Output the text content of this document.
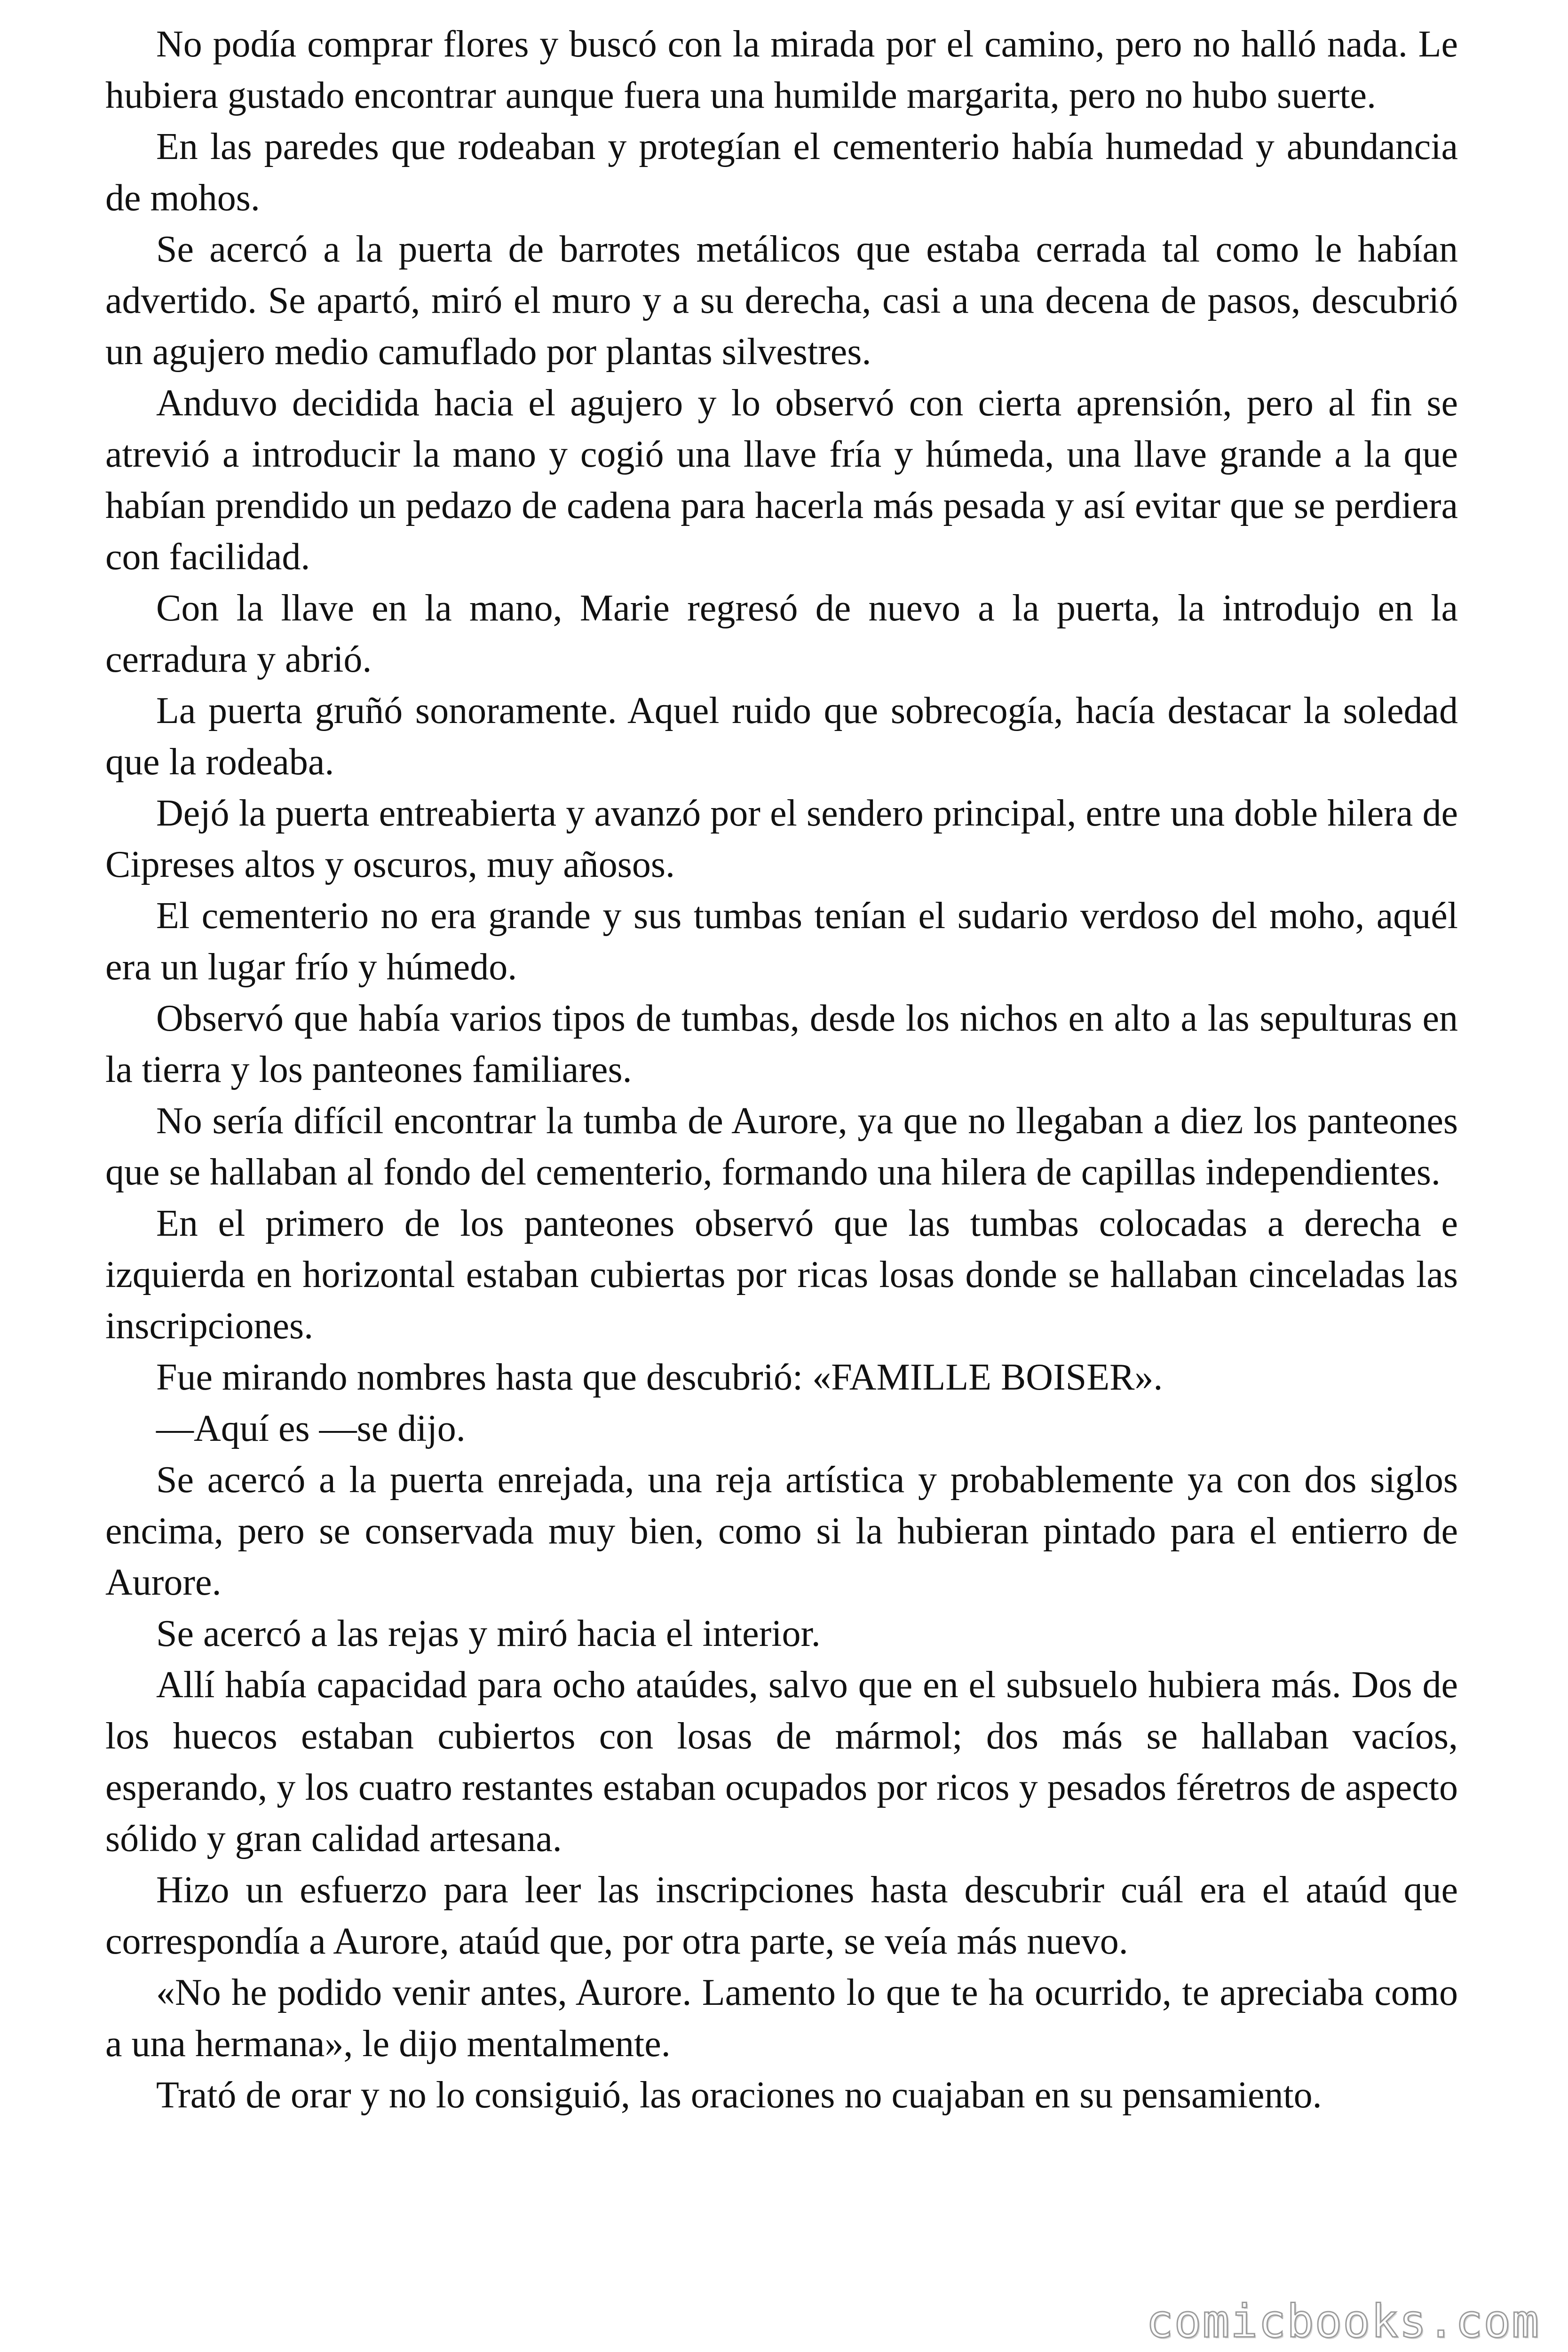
No podía comprar flores y buscó con la mirada por el camino, pero no halló nada. Le hubiera gustado encontrar aunque fuera una humilde margarita, pero no hubo suerte.

En las paredes que rodeaban y protegían el cementerio había humedad y abundancia de mohos.

Se acercó a la puerta de barrotes metálicos que estaba cerrada tal como le habían advertido. Se apartó, miró el muro y a su derecha, casi a una decena de pasos, descubrió un agujero medio camuflado por plantas silvestres.

Anduvo decidida hacia el agujero y lo observó con cierta aprensión, pero al fin se atrevió a introducir la mano y cogió una llave fría y húmeda, una llave grande a la que habían prendido un pedazo de cadena para hacerla más pesada y así evitar que se perdiera con facilidad.

Con la llave en la mano, Marie regresó de nuevo a la puerta, la introdujo en la cerradura y abrió.

La puerta gruñó sonoramente. Aquel ruido que sobrecogía, hacía destacar la soledad que la rodeaba.

Dejó la puerta entreabierta y avanzó por el sendero principal, entre una doble hilera de Cipreses altos y oscuros, muy añosos.

El cementerio no era grande y sus tumbas tenían el sudario verdoso del moho, aquél era un lugar frío y húmedo.

Observó que había varios tipos de tumbas, desde los nichos en alto a las sepulturas en la tierra y los panteones familiares.

No sería difícil encontrar la tumba de Aurore, ya que no llegaban a diez los panteones que se hallaban al fondo del cementerio, formando una hilera de capillas independientes.

En el primero de los panteones observó que las tumbas colocadas a derecha e izquierda en horizontal estaban cubiertas por ricas losas donde se hallaban cinceladas las inscripciones.

Fue mirando nombres hasta que descubrió: «FAMILLE BOISER».

—Aquí es —se dijo.

Se acercó a la puerta enrejada, una reja artística y probablemente ya con dos siglos encima, pero se conservada muy bien, como si la hubieran pintado para el entierro de Aurore.

Se acercó a las rejas y miró hacia el interior.

Allí había capacidad para ocho ataúdes, salvo que en el subsuelo hubiera más. Dos de los huecos estaban cubiertos con losas de mármol; dos más se hallaban vacíos, esperando, y los cuatro restantes estaban ocupados por ricos y pesados féretros de aspecto sólido y gran calidad artesana.

Hizo un esfuerzo para leer las inscripciones hasta descubrir cuál era el ataúd que correspondía a Aurore, ataúd que, por otra parte, se veía más nuevo.

«No he podido venir antes, Aurore. Lamento lo que te ha ocurrido, te apreciaba como a una hermana», le dijo mentalmente.

Trató de orar y no lo consiguió, las oraciones no cuajaban en su pensamiento.

comicbooks.com
